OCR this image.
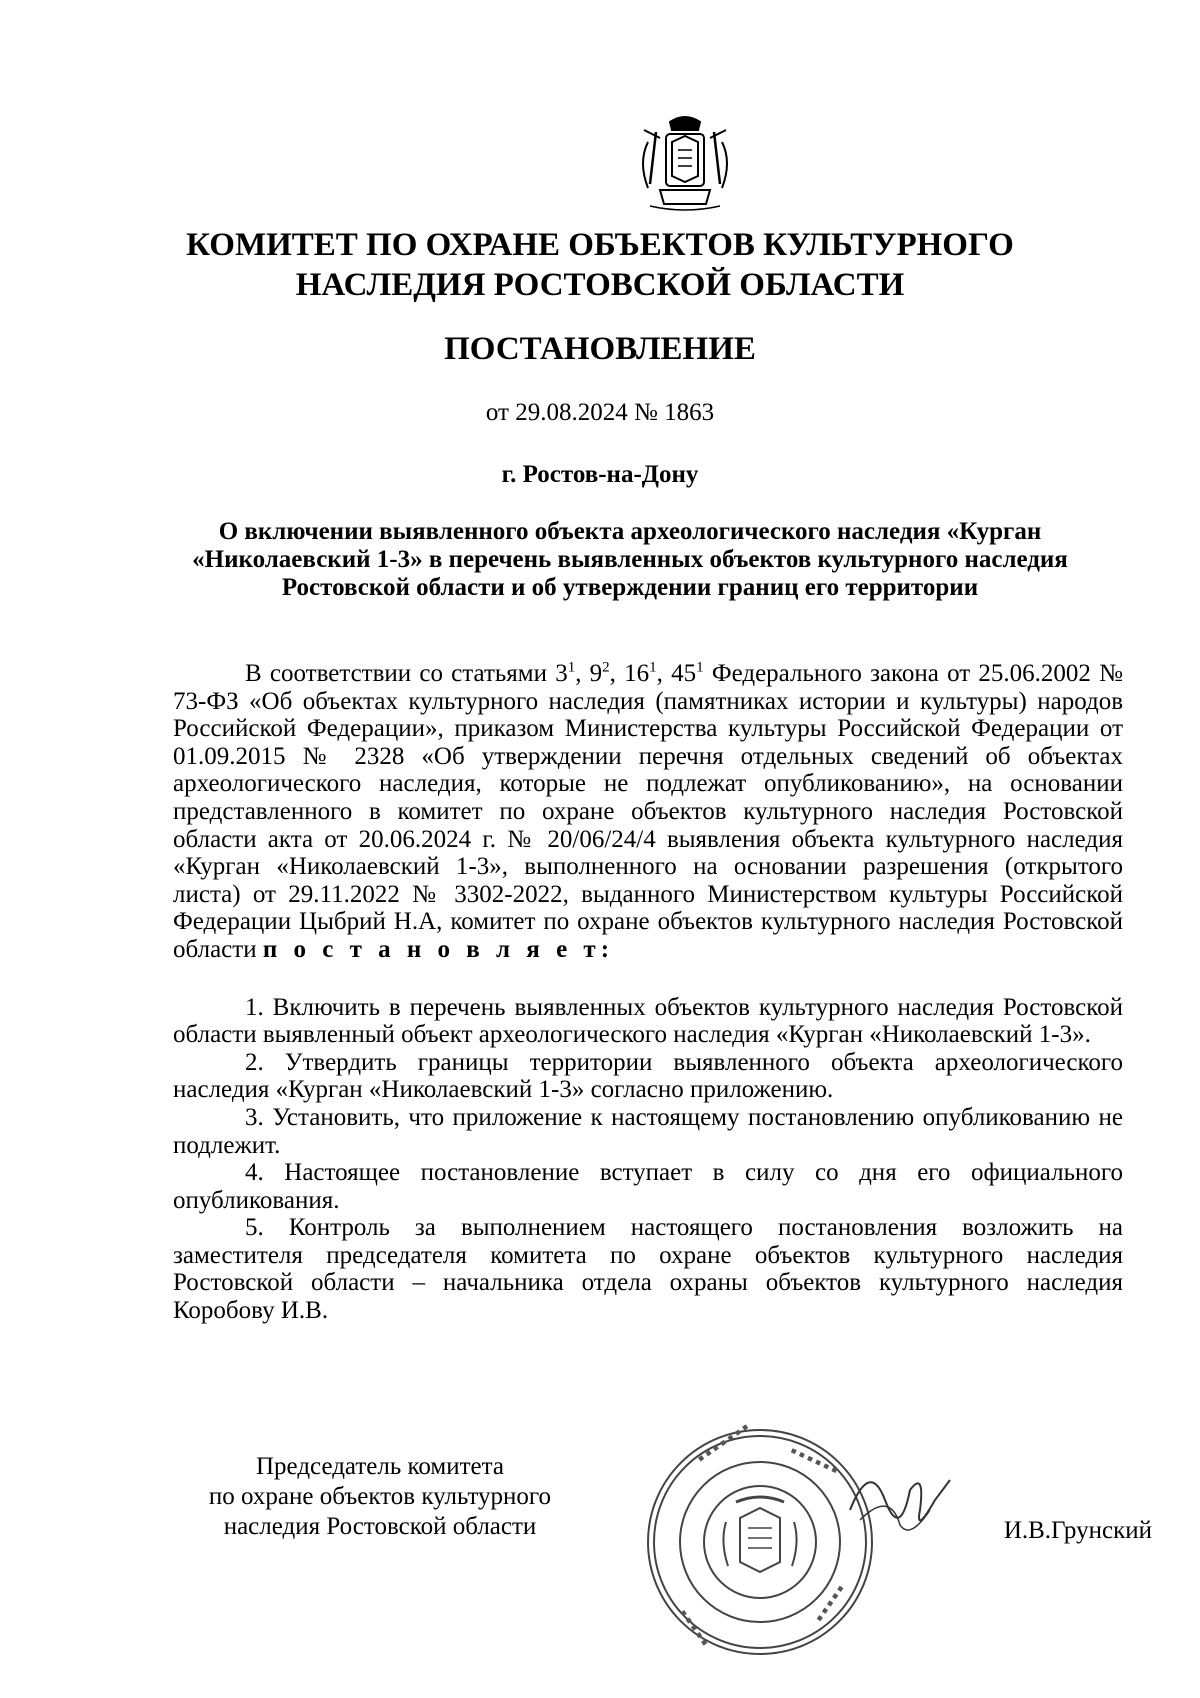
КОМИТЕТ ПО ОХРАНЕ ОБЪЕКТОВ КУЛЬТУРНОГО НАСЛЕДИЯ РОСТОВСКОЙ ОБЛАСТИ
ПОСТАНОВЛЕНИЕ
от 29.08.2024 № 1863
г. Ростов-на-Дону
О включении выявленного объекта археологического наследия «Курган «Николаевский 1-3» в перечень выявленных объектов культурного наследия Ростовской области и об утверждении границ его территории

В соответствии со статьями $3^1$, $9^2$, $16^1$, $45^1$ Федерального закона от 25.06.2002 № 73-ФЗ «Об объектах культурного наследия (памятниках истории и культуры) народов Российской Федерации», приказом Министерства культуры Российской Федерации от 01.09.2015 № 2328 «Об утверждении перечня отдельных сведений об объектах археологического наследия, которые не подлежат опубликованию», на основании представленного в комитет по охране объектов культурного наследия Ростовской области акта от 20.06.2024 г. № 20/06/24/4 выявления объекта культурного наследия «Курган «Николаевский 1-3», выполненного на основании разрешения (открытого листа) от 29.11.2022 № 3302-2022, выданного Министерством культуры Российской Федерации Цыбрий Н.А, комитет по охране объектов культурного наследия Ростовской области п о с т а н о в л я е т:

1. Включить в перечень выявленных объектов культурного наследия Ростовской области выявленный объект археологического наследия «Курган «Николаевский 1-3».

2. Утвердить границы территории выявленного объекта археологического наследия «Курган «Николаевский 1-3» согласно приложению.

3. Установить, что приложение к настоящему постановлению опубликованию не подлежит.

4. Настоящее постановление вступает в силу со дня его официального опубликования.

5. Контроль за выполнением настоящего постановления возложить на заместителя председателя комитета по охране объектов культурного наследия Ростовской области – начальника отдела охраны объектов культурного наследия Коробову И.В.

Председатель комитета
по охране объектов культурного
наследия Ростовской области
▪ ▪ ▪ ▪ ▪ ▪ ▪	▪ ▪ ▪ ▪ ▪ ▪
▪ ▪ ▪ ▪ ▪
▪ ▪ ▪ ▪ ▪
И.В.Грунский
